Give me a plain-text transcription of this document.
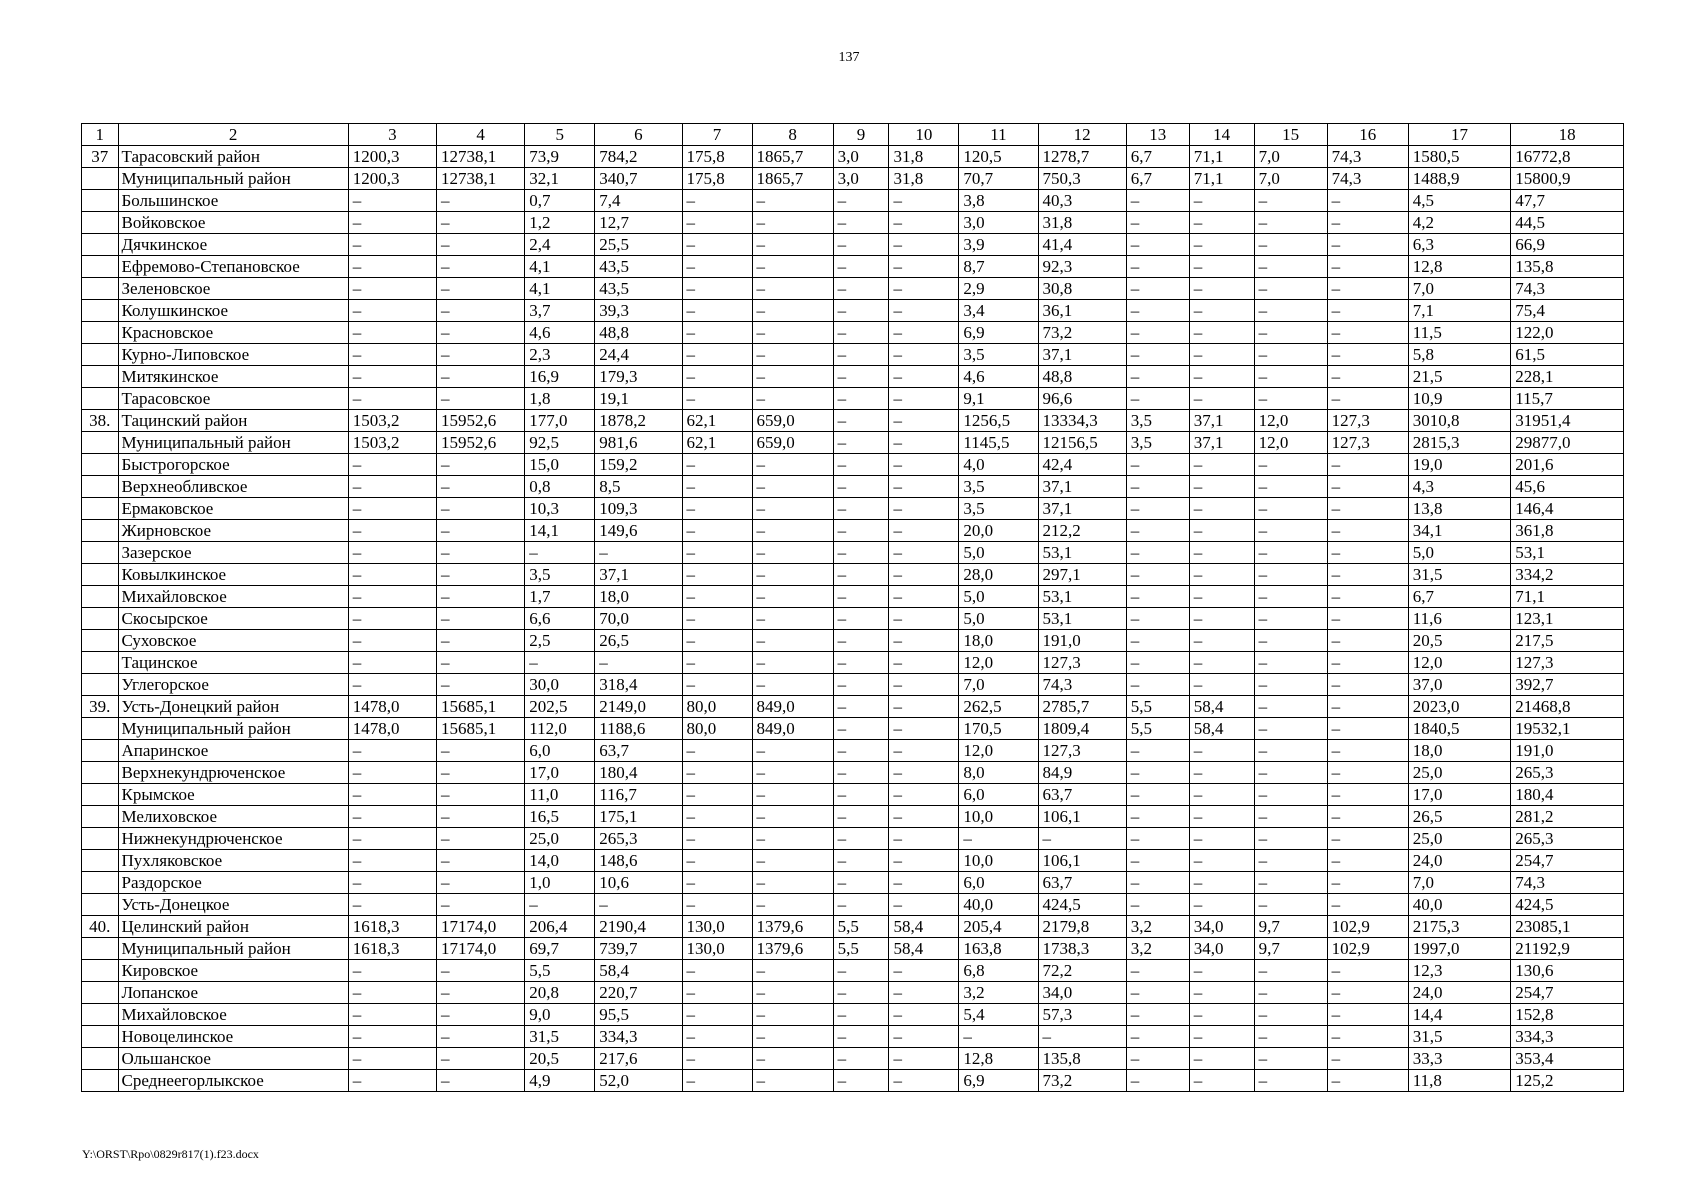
137
1	2	3	4	5	6	7	8	9	10	11	12	13	14	15	16	17	18
37	Тарасовский район	1200,3	12738,1	73,9	784,2	175,8	1865,7	3,0	31,8	120,5	1278,7	6,7	71,1	7,0	74,3	1580,5	16772,8
	Муниципальный район	1200,3	12738,1	32,1	340,7	175,8	1865,7	3,0	31,8	70,7	750,3	6,7	71,1	7,0	74,3	1488,9	15800,9
	Большинское	–	–	0,7	7,4	–	–	–	–	3,8	40,3	–	–	–	–	4,5	47,7
	Войковское	–	–	1,2	12,7	–	–	–	–	3,0	31,8	–	–	–	–	4,2	44,5
	Дячкинское	–	–	2,4	25,5	–	–	–	–	3,9	41,4	–	–	–	–	6,3	66,9
	Ефремово-Степановское	–	–	4,1	43,5	–	–	–	–	8,7	92,3	–	–	–	–	12,8	135,8
	Зеленовское	–	–	4,1	43,5	–	–	–	–	2,9	30,8	–	–	–	–	7,0	74,3
	Колушкинское	–	–	3,7	39,3	–	–	–	–	3,4	36,1	–	–	–	–	7,1	75,4
	Красновское	–	–	4,6	48,8	–	–	–	–	6,9	73,2	–	–	–	–	11,5	122,0
	Курно-Липовское	–	–	2,3	24,4	–	–	–	–	3,5	37,1	–	–	–	–	5,8	61,5
	Митякинское	–	–	16,9	179,3	–	–	–	–	4,6	48,8	–	–	–	–	21,5	228,1
	Тарасовское	–	–	1,8	19,1	–	–	–	–	9,1	96,6	–	–	–	–	10,9	115,7
38.	Тацинский район	1503,2	15952,6	177,0	1878,2	62,1	659,0	–	–	1256,5	13334,3	3,5	37,1	12,0	127,3	3010,8	31951,4
	Муниципальный район	1503,2	15952,6	92,5	981,6	62,1	659,0	–	–	1145,5	12156,5	3,5	37,1	12,0	127,3	2815,3	29877,0
	Быстрогорское	–	–	15,0	159,2	–	–	–	–	4,0	42,4	–	–	–	–	19,0	201,6
	Верхнеобливское	–	–	0,8	8,5	–	–	–	–	3,5	37,1	–	–	–	–	4,3	45,6
	Ермаковское	–	–	10,3	109,3	–	–	–	–	3,5	37,1	–	–	–	–	13,8	146,4
	Жирновское	–	–	14,1	149,6	–	–	–	–	20,0	212,2	–	–	–	–	34,1	361,8
	Зазерское	–	–	–	–	–	–	–	–	5,0	53,1	–	–	–	–	5,0	53,1
	Ковылкинское	–	–	3,5	37,1	–	–	–	–	28,0	297,1	–	–	–	–	31,5	334,2
	Михайловское	–	–	1,7	18,0	–	–	–	–	5,0	53,1	–	–	–	–	6,7	71,1
	Скосырское	–	–	6,6	70,0	–	–	–	–	5,0	53,1	–	–	–	–	11,6	123,1
	Суховское	–	–	2,5	26,5	–	–	–	–	18,0	191,0	–	–	–	–	20,5	217,5
	Тацинское	–	–	–	–	–	–	–	–	12,0	127,3	–	–	–	–	12,0	127,3
	Углегорское	–	–	30,0	318,4	–	–	–	–	7,0	74,3	–	–	–	–	37,0	392,7
39.	Усть-Донецкий район	1478,0	15685,1	202,5	2149,0	80,0	849,0	–	–	262,5	2785,7	5,5	58,4	–	–	2023,0	21468,8
	Муниципальный район	1478,0	15685,1	112,0	1188,6	80,0	849,0	–	–	170,5	1809,4	5,5	58,4	–	–	1840,5	19532,1
	Апаринское	–	–	6,0	63,7	–	–	–	–	12,0	127,3	–	–	–	–	18,0	191,0
	Верхнекундрюченское	–	–	17,0	180,4	–	–	–	–	8,0	84,9	–	–	–	–	25,0	265,3
	Крымское	–	–	11,0	116,7	–	–	–	–	6,0	63,7	–	–	–	–	17,0	180,4
	Мелиховское	–	–	16,5	175,1	–	–	–	–	10,0	106,1	–	–	–	–	26,5	281,2
	Нижнекундрюченское	–	–	25,0	265,3	–	–	–	–	–	–	–	–	–	–	25,0	265,3
	Пухляковское	–	–	14,0	148,6	–	–	–	–	10,0	106,1	–	–	–	–	24,0	254,7
	Раздорское	–	–	1,0	10,6	–	–	–	–	6,0	63,7	–	–	–	–	7,0	74,3
	Усть-Донецкое	–	–	–	–	–	–	–	–	40,0	424,5	–	–	–	–	40,0	424,5
40.	Целинский район	1618,3	17174,0	206,4	2190,4	130,0	1379,6	5,5	58,4	205,4	2179,8	3,2	34,0	9,7	102,9	2175,3	23085,1
	Муниципальный район	1618,3	17174,0	69,7	739,7	130,0	1379,6	5,5	58,4	163,8	1738,3	3,2	34,0	9,7	102,9	1997,0	21192,9
	Кировское	–	–	5,5	58,4	–	–	–	–	6,8	72,2	–	–	–	–	12,3	130,6
	Лопанское	–	–	20,8	220,7	–	–	–	–	3,2	34,0	–	–	–	–	24,0	254,7
	Михайловское	–	–	9,0	95,5	–	–	–	–	5,4	57,3	–	–	–	–	14,4	152,8
	Новоцелинское	–	–	31,5	334,3	–	–	–	–	–	–	–	–	–	–	31,5	334,3
	Ольшанское	–	–	20,5	217,6	–	–	–	–	12,8	135,8	–	–	–	–	33,3	353,4
	Среднеегорлыкское	–	–	4,9	52,0	–	–	–	–	6,9	73,2	–	–	–	–	11,8	125,2
Y:\ORST\Rpo\0829r817(1).f23.docx
